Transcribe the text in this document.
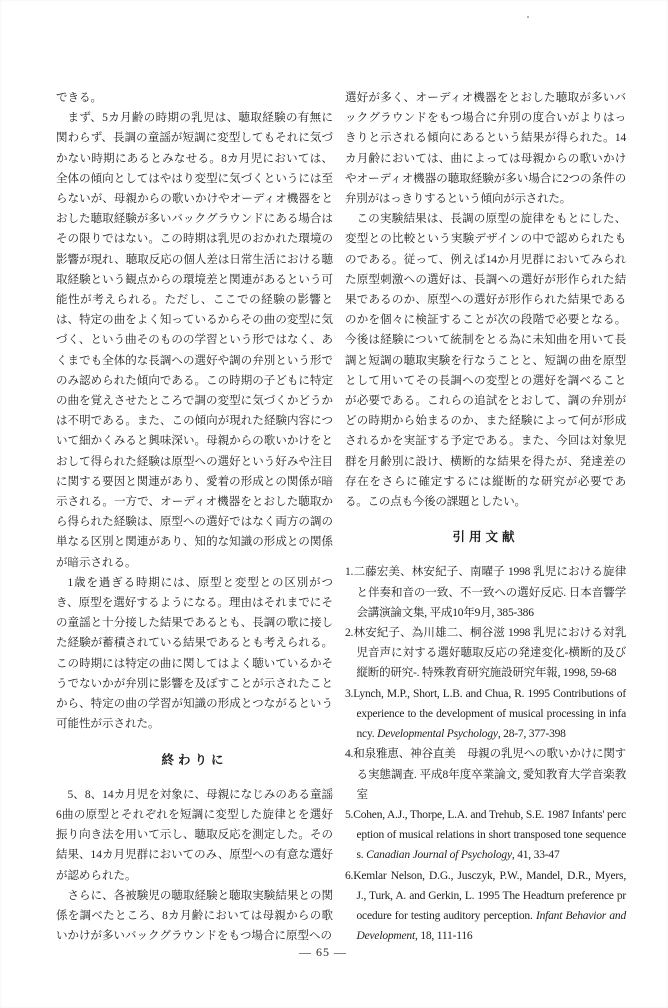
できる。

まず、5カ月齢の時期の乳児は、聴取経験の有無に関わらず、長調の童謡が短調に変型してもそれに気づかない時期にあるとみなせる。8カ月児においては、全体の傾向としてはやはり変型に気づくというには至らないが、母親からの歌いかけやオーディオ機器をとおした聴取経験が多いバックグラウンドにある場合はその限りではない。この時期は乳児のおかれた環境の影響が現れ、聴取反応の個人差は日常生活における聴取経験という観点からの環境差と関連があるという可能性が考えられる。ただし、ここでの経験の影響とは、特定の曲をよく知っているからその曲の変型に気づく、という曲そのものの学習という形ではなく、あくまでも全体的な長調への選好や調の弁別という形でのみ認められた傾向である。この時期の子どもに特定の曲を覚えさせたところで調の変型に気づくかどうかは不明である。また、この傾向が現れた経験内容について細かくみると興味深い。母親からの歌いかけをとおして得られた経験は原型への選好という好みや注目に関する要因と関連があり、愛着の形成との関係が暗示される。一方で、オーディオ機器をとおした聴取から得られた経験は、原型への選好ではなく両方の調の単なる区別と関連があり、知的な知識の形成との関係が暗示される。

1歳を過ぎる時期には、原型と変型との区別がつき、原型を選好するようになる。理由はそれまでにその童謡と十分接した結果であるとも、長調の歌に接した経験が蓄積されている結果であるとも考えられる。この時期には特定の曲に関してはよく聴いているかそうでないかが弁別に影響を及ぼすことが示されたことから、特定の曲の学習が知識の形成とつながるという可能性が示された。

終わりに

5、8、14カ月児を対象に、母親になじみのある童謡6曲の原型とそれぞれを短調に変型した旋律とを選好振り向き法を用いて示し、聴取反応を測定した。その結果、14カ月児群においてのみ、原型への有意な選好が認められた。

さらに、各被験児の聴取経験と聴取実験結果との関係を調べたところ、8カ月齢においては母親からの歌いかけが多いバックグラウンドをもつ場合に原型への

選好が多く、オーディオ機器をとおした聴取が多いバックグラウンドをもつ場合に弁別の度合いがよりはっきりと示される傾向にあるという結果が得られた。14カ月齢においては、曲によっては母親からの歌いかけやオーディオ機器の聴取経験が多い場合に2つの条件の弁別がはっきりするという傾向が示された。

この実験結果は、長調の原型の旋律をもとにした、変型との比較という実験デザインの中で認められたものである。従って、例えば14か月児群においてみられた原型刺激への選好は、長調への選好が形作られた結果であるのか、原型への選好が形作られた結果であるのかを個々に検証することが次の段階で必要となる。今後は経験について統制をとる為に未知曲を用いて長調と短調の聴取実験を行なうことと、短調の曲を原型として用いてその長調への変型との選好を調べることが必要である。これらの追試をとおして、調の弁別がどの時期から始まるのか、また経験によって何が形成されるかを実証する予定である。また、今回は対象児群を月齢別に設け、横断的な結果を得たが、発達差の存在をさらに確定するには縦断的な研究が必要である。この点も今後の課題としたい。

引用文献

1.二藤宏美、林安紀子、南曜子 1998 乳児における旋律と伴奏和音の一致、不一致への選好反応. 日本音響学会講演論文集, 平成10年9月, 385-386

2.林安紀子、為川雄二、桐谷滋 1998 乳児における対乳児音声に対する選好聴取反応の発達変化-横断的及び縦断的研究-. 特殊教育研究施設研究年報, 1998, 59-68

3.Lynch, M.P., Short, L.B. and Chua, R. 1995 Contributions of experience to the development of musical processing in infancy. Developmental Psychology, 28-7, 377-398

4.和泉雅恵、神谷直美　母親の乳児への歌いかけに関する実態調査. 平成8年度卒業論文, 愛知教育大学音楽教室

5.Cohen, A.J., Thorpe, L.A. and Trehub, S.E. 1987 Infants' perception of musical relations in short transposed tone sequences. Canadian Journal of Psychology, 41, 33-47

6.Kemlar Nelson, D.G., Jusczyk, P.W., Mandel, D.R., Myers, J., Turk, A. and Gerkin, L. 1995 The Headturn preference procedure for testing auditory perception. Infant Behavior and Development, 18, 111-116

— 65 —
